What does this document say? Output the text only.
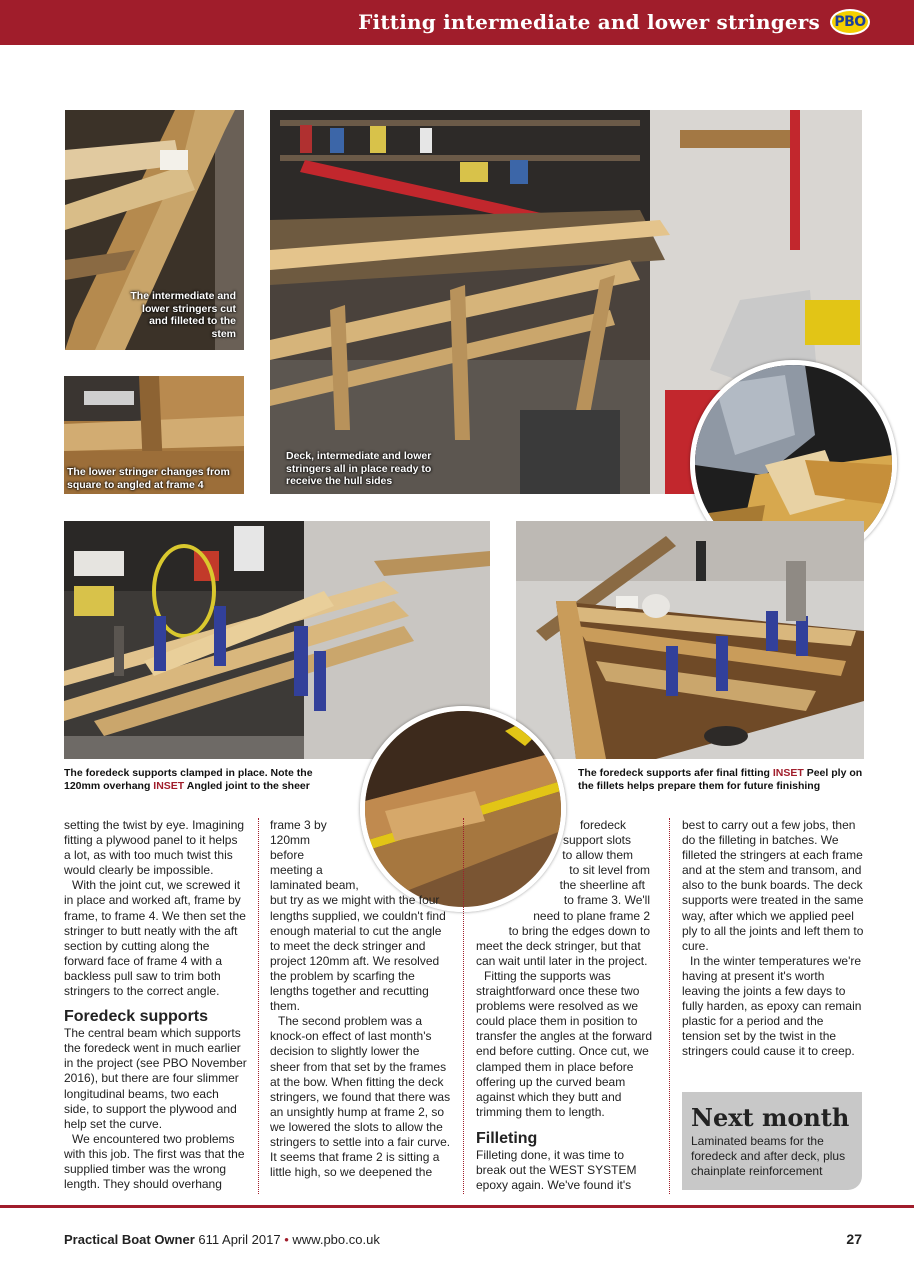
Fitting intermediate and lower stringers PBO
The intermediate and lower stringers cut and filleted to the stem
The lower stringer changes from square to angled at frame 4
Deck, intermediate and lower stringers all in place ready to receive the hull sides
The foredeck supports clamped in place. Note the 120mm overhang INSET Angled joint to the sheer
The foredeck supports afer final fitting INSET Peel ply on the fillets helps prepare them for future finishing

setting the twist by eye. Imagining fitting a plywood panel to it helps a lot, as with too much twist this would clearly be impossible.

With the joint cut, we screwed it in place and worked aft, frame by frame, to frame 4. We then set the stringer to butt neatly with the aft section by cutting along the forward face of frame 4 with a backless pull saw to trim both stringers to the correct angle.

Foredeck supports

The central beam which supports the foredeck went in much earlier in the project (see PBO November 2016), but there are four slimmer longitudinal beams, two each side, to support the plywood and help set the curve.

We encountered two problems with this job. The first was that the supplied timber was the wrong length. They should overhang

frame 3 by

120mm

before

meeting a

laminated beam,

but try as we might with the four lengths supplied, we couldn't find enough material to cut the angle to meet the deck stringer and project 120mm aft. We resolved the problem by scarfing the lengths together and recutting them.

The second problem was a knock-on effect of last month's decision to slightly lower the sheer from that set by the frames at the bow. When fitting the deck stringers, we found that there was an unsightly hump at frame 2, so we lowered the slots to allow the stringers to settle into a fair curve. It seems that frame 2 is sitting a little high, so we deepened the

foredeck

support slots

to allow them

to sit level from

the sheerline aft

to frame 3. We'll

need to plane frame 2

to bring the edges down to

meet the deck stringer, but that can wait until later in the project.

Fitting the supports was straightforward once these two problems were resolved as we could place them in position to transfer the angles at the forward end before cutting. Once cut, we clamped them in place before offering up the curved beam against which they butt and trimming them to length.

Filleting

Filleting done, it was time to break out the WEST SYSTEM epoxy again. We've found it's

best to carry out a few jobs, then do the filleting in batches. We filleted the stringers at each frame and at the stem and transom, and also to the bunk boards. The deck supports were treated in the same way, after which we applied peel ply to all the joints and left them to cure.

In the winter temperatures we're having at present it's worth leaving the joints a few days to fully harden, as epoxy can remain plastic for a period and the tension set by the twist in the stringers could cause it to creep.

Next month
Laminated beams for the foredeck and after deck, plus chainplate reinforcement
Practical Boat Owner 611 April 2017 • www.pbo.co.uk	27
